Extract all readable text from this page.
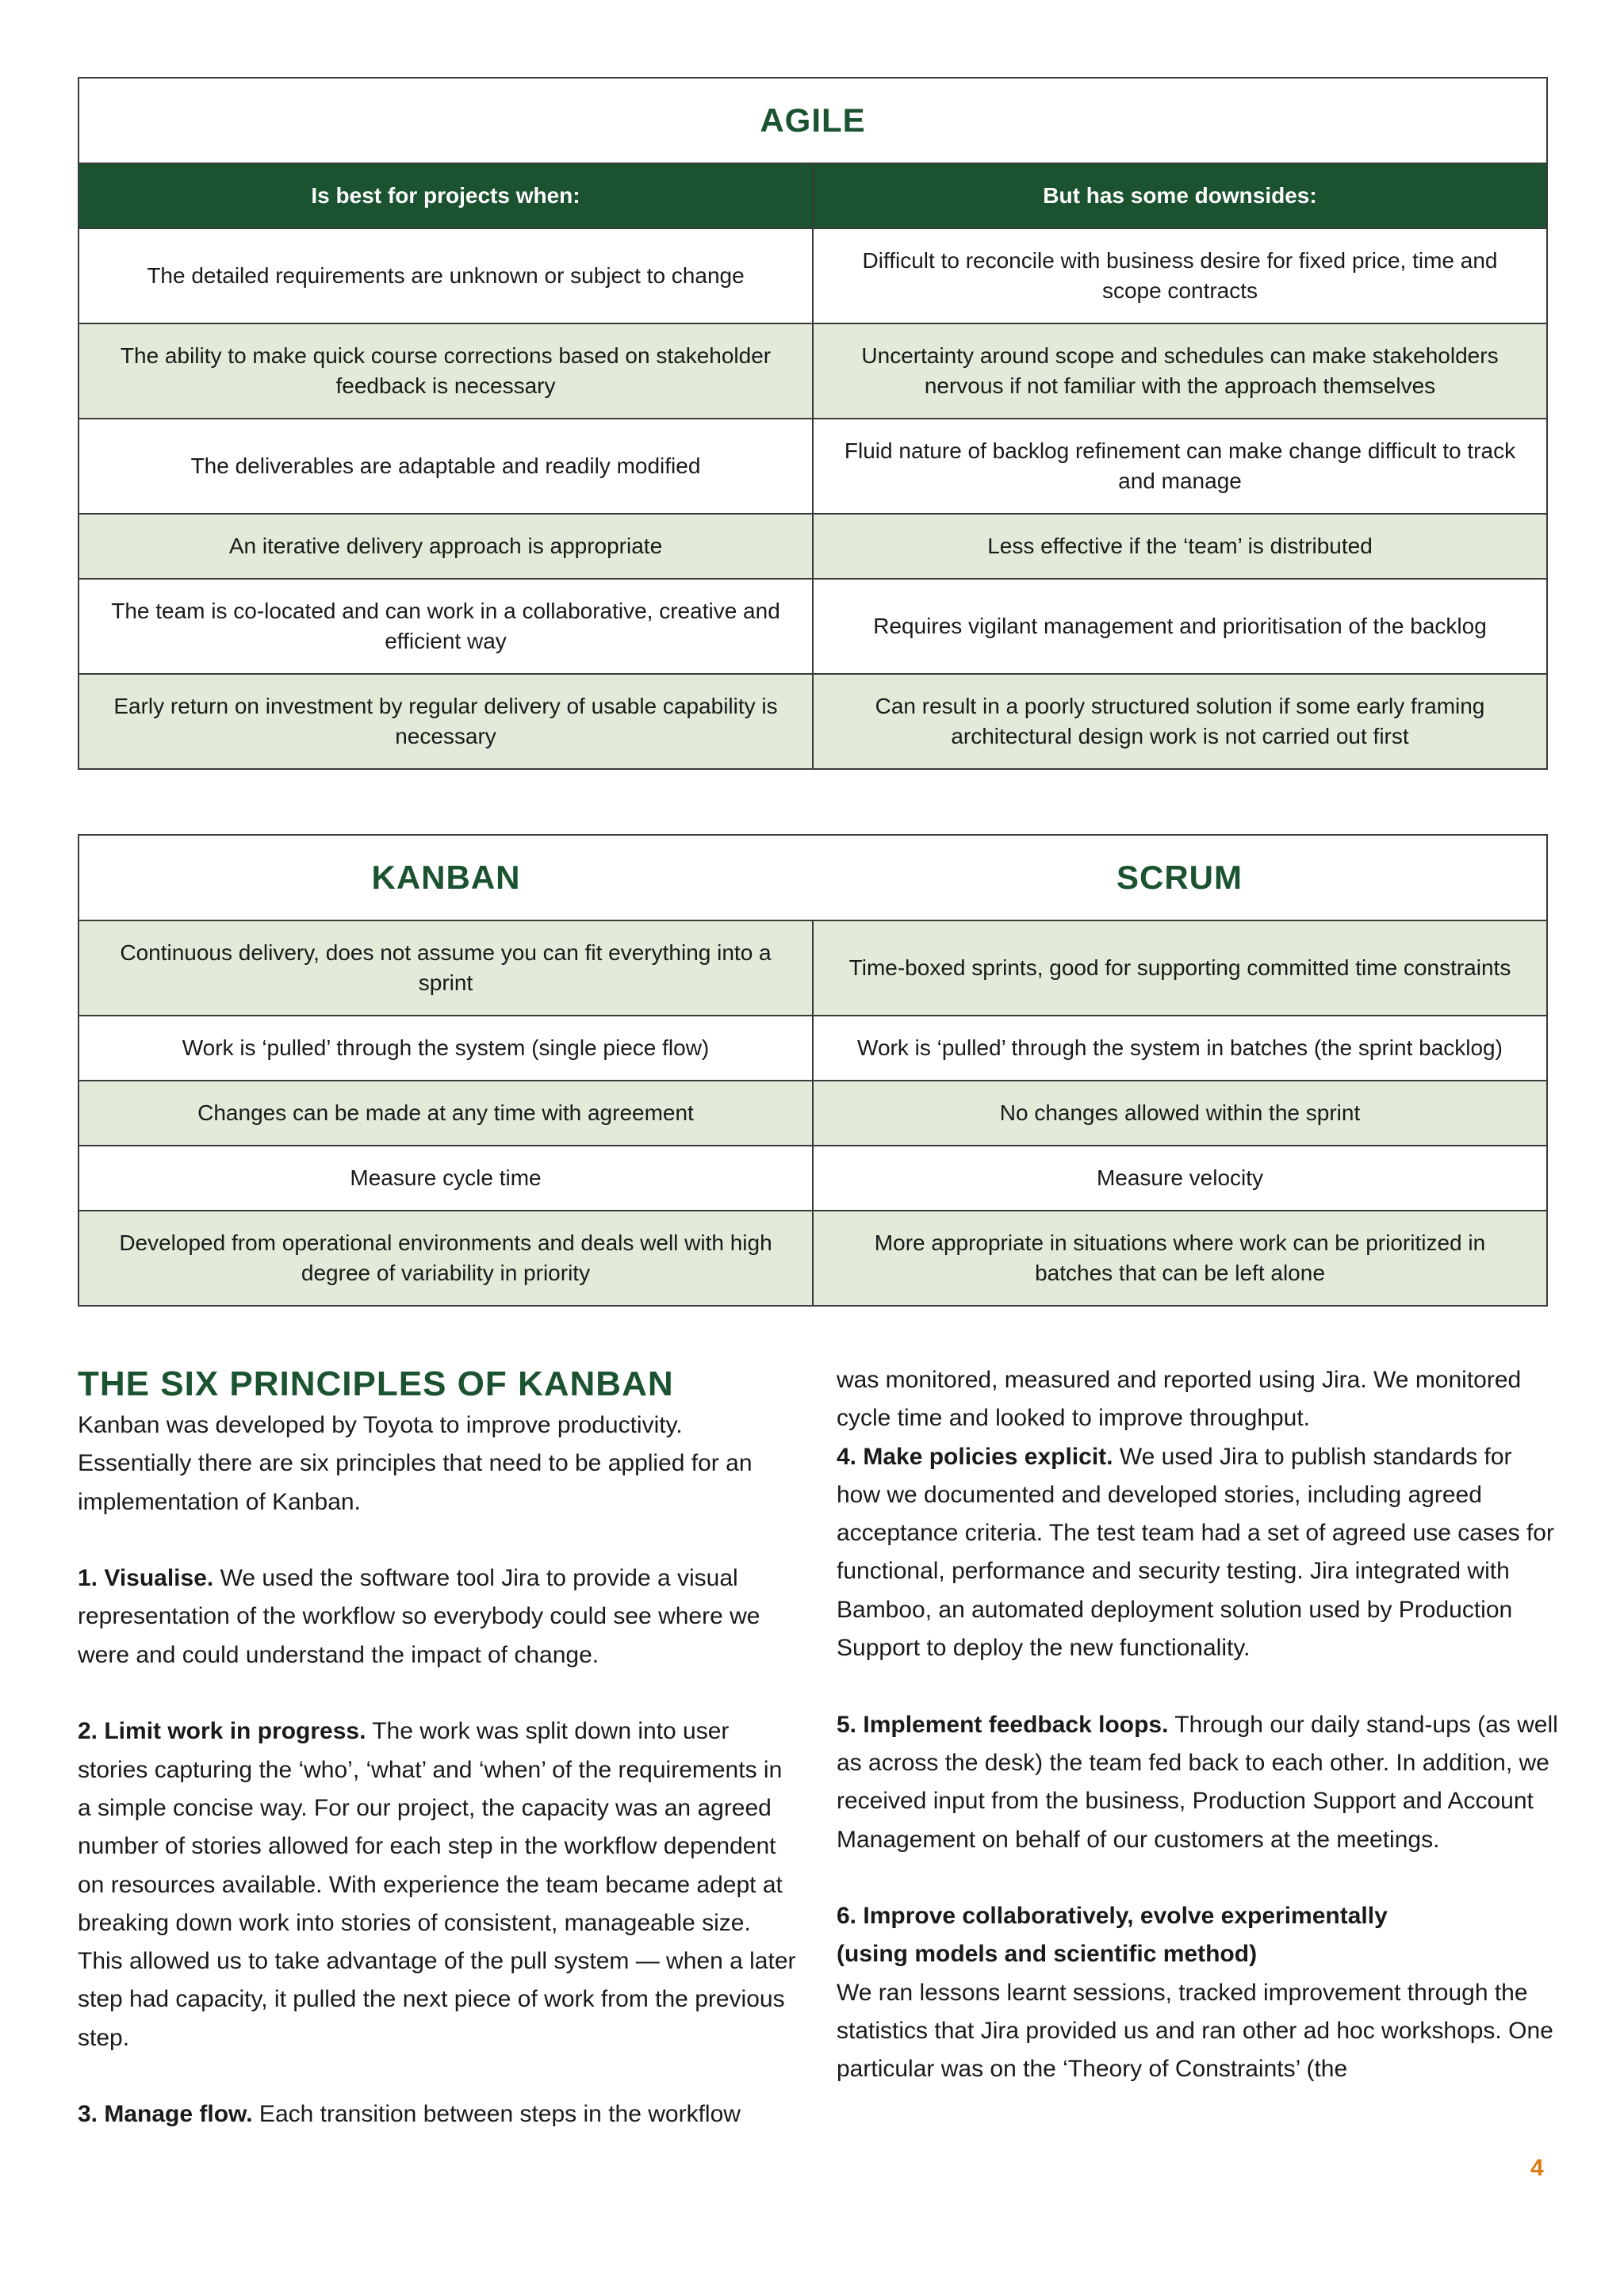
AGILE	
Is best for projects when:	But has some downsides:
The detailed requirements are unknown or subject to change	Difficult to reconcile with business desire for fixed price, time and scope contracts
The ability to make quick course corrections based on stakeholder feedback is necessary	Uncertainty around scope and schedules can make stakeholders nervous if not familiar with the approach themselves
The deliverables are adaptable and readily modified	Fluid nature of backlog refinement can make change difficult to track and manage
An iterative delivery approach is appropriate	Less effective if the ‘team’ is distributed
The team is co-located and can work in a collaborative, creative and efficient way	Requires vigilant management and prioritisation of the backlog
Early return on investment by regular delivery of usable capability is necessary	Can result in a poorly structured solution if some early framing architectural design work is not carried out first
KANBAN	SCRUM
Continuous delivery, does not assume you can fit everything into a sprint	Time-boxed sprints, good for supporting committed time constraints
Work is ‘pulled’ through the system (single piece flow)	Work is ‘pulled’ through the system in batches (the sprint backlog)
Changes can be made at any time with agreement	No changes allowed within the sprint
Measure cycle time	Measure velocity
Developed from operational environments and deals well with high degree of variability in priority	More appropriate in situations where work can be prioritized in batches that can be left alone
THE SIX PRINCIPLES OF KANBAN

Kanban was developed by Toyota to improve productivity. Essentially there are six principles that need to be applied for an implementation of Kanban.

1. Visualise. We used the software tool Jira to provide a visual representation of the workflow so everybody could see where we were and could understand the impact of change.

2. Limit work in progress. The work was split down into user stories capturing the ‘who’, ‘what’ and ‘when’ of the requirements in a simple concise way. For our project, the capacity was an agreed number of stories allowed for each step in the workflow dependent on resources available. With experience the team became adept at breaking down work into stories of consistent, manageable size. This allowed us to take advantage of the pull system — when a later step had capacity, it pulled the next piece of work from the previous step.

3. Manage flow. Each transition between steps in the workflow

was monitored, measured and reported using Jira. We monitored cycle time and looked to improve throughput.

4. Make policies explicit. We used Jira to publish standards for how we documented and developed stories, including agreed acceptance criteria. The test team had a set of agreed use cases for functional, performance and security testing. Jira integrated with Bamboo, an automated deployment solution used by Production Support to deploy the new functionality.

5. Implement feedback loops. Through our daily stand-ups (as well as across the desk) the team fed back to each other. In addition, we received input from the business, Production Support and Account Management on behalf of our customers at the meetings.

6. Improve collaboratively, evolve experimentally

(using models and scientific method)

We ran lessons learnt sessions, tracked improvement through the statistics that Jira provided us and ran other ad hoc workshops. One particular was on the ‘Theory of Constraints’ (the

4
